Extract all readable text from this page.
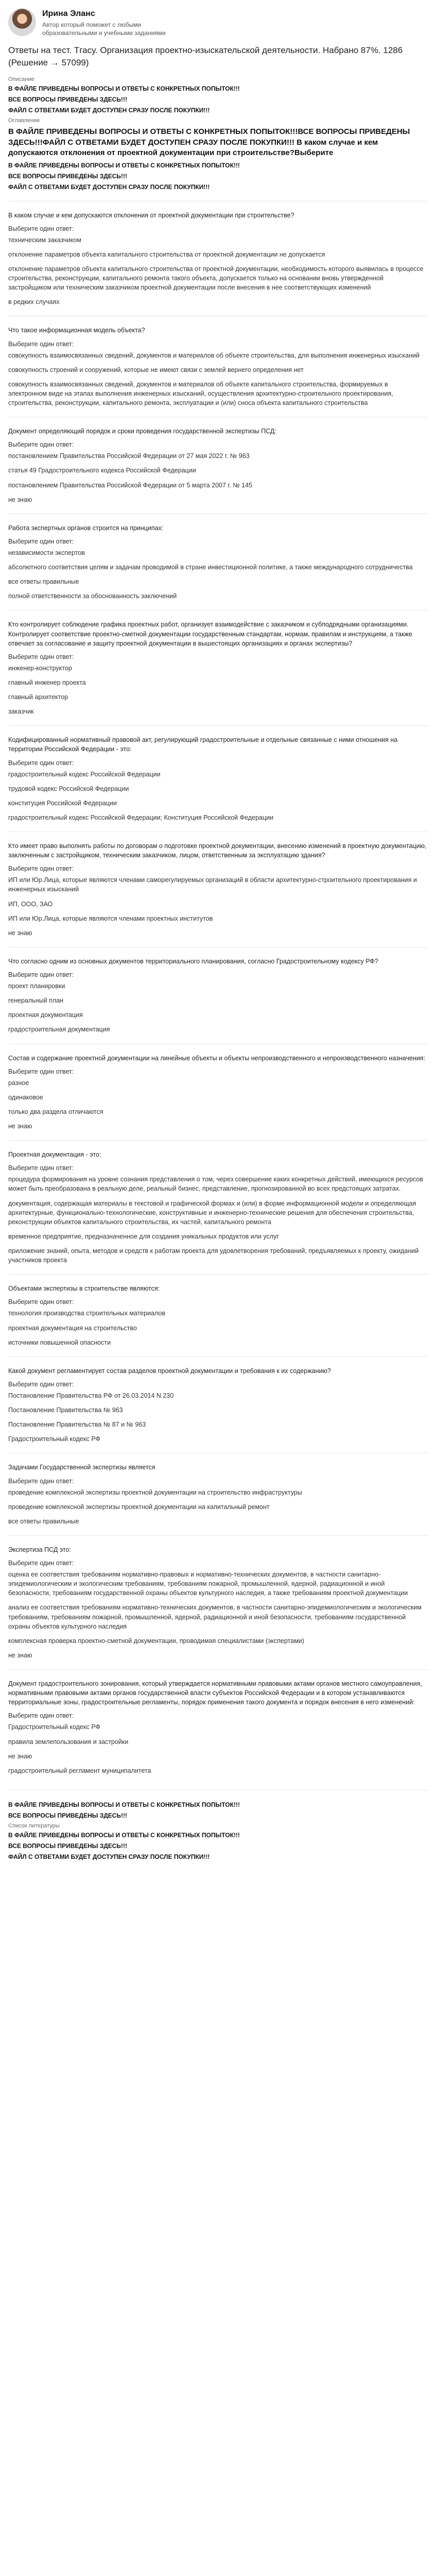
Ирина Эланс
Автор который поможет с любыми образовательными и учебными заданиями
Ответы на тест. Тгасу. Организация проектно-изыскательской деятельности. Набрано 87%. 1286 (Решение → 57099)
Описание
В ФАЙЛЕ ПРИВЕДЕНЫ ВОПРОСЫ И ОТВЕТЫ С КОНКРЕТНЫХ ПОПЫТОК!!!
ВСЕ ВОПРОСЫ ПРИВЕДЕНЫ ЗДЕСЬ!!!
ФАЙЛ С ОТВЕТАМИ БУДЕТ ДОСТУПЕН СРАЗУ ПОСЛЕ ПОКУПКИ!!!
Оглавление
В ФАЙЛЕ ПРИВЕДЕНЫ ВОПРОСЫ И ОТВЕТЫ С КОНКРЕТНЫХ ПОПЫТОК!!!ВСЕ ВОПРОСЫ ПРИВЕДЕНЫ ЗДЕСЬ!!!ФАЙЛ С ОТВЕТАМИ БУДЕТ ДОСТУПЕН СРАЗУ ПОСЛЕ ПОКУПКИ!!! В каком случае и кем допускаются отклонения от проектной документации при строительстве?Выберите
В ФАЙЛЕ ПРИВЕДЕНЫ ВОПРОСЫ И ОТВЕТЫ С КОНКРЕТНЫХ ПОПЫТОК!!!
ВСЕ ВОПРОСЫ ПРИВЕДЕНЫ ЗДЕСЬ!!!
ФАЙЛ С ОТВЕТАМИ БУДЕТ ДОСТУПЕН СРАЗУ ПОСЛЕ ПОКУПКИ!!!
В каком случае и кем допускаются отклонения от проектной документации при строительстве?
Выберите один ответ:
техническим заказчиком
отклонение параметров объекта капитального строительства от проектной документации не допускается
отклонение параметров объекта капитального строительства от проектной документации, необходимость которого выявилась в процессе строительства, реконструкции, капитального ремонта такого объекта, допускается только на основании вновь утвержденной застройщиком или техническим заказчиком проектной документации после внесения в нее соответствующих изменений
в редких случаях
Что такое информационная модель объекта?
Выберите один ответ:
совокупность взаимосвязанных сведений, документов и материалов об объекте строительства, для выполнения инженерных изысканий
совокупность строений и сооружений, которые не имеют связи с землей вернего определения нет
совокупность взаимосвязанных сведений, документов и материалов об объекте капитального строительства, формируемых в электронном виде на этапах выполнения инженерных изысканий, осуществления архитектурно-строительного проектирования, строительства, реконструкции, капитального ремонта, эксплуатации и (или) сноса объекта капитального строительства
Документ определяющий порядок и сроки проведения государственной экспертизы ПСД:
Выберите один ответ:
постановлением Правительства Российской Федерации от 27 мая 2022 г. № 963
статья 49 Градостроительного кодекса Российской Федерации
постановлением Правительства Российской Федерации от 5 марта 2007 г. № 145
не знаю
Работа экспертных органов строится на принципах:
Выберите один ответ:
независимости экспертов
абсолютного соответствия целям и задачам проводимой в стране инвестиционной политике, а также международного сотрудничества
все ответы правильные
полной ответственности за обоснованность заключений
Кто контролирует соблюдение графика проектных работ, организует взаимодействие с заказчиком и субподрядными организациями. Контролирует соответствие проектно-сметной документации государственным стандартам, нормам, правилам и инструкциям, а также отвечает за согласование и защиту проектной документации в вышестоящих организациях и органах экспертизы?
Выберите один ответ:
инженер-конструктор
главный инженер проекта
главный архитектор
заказчик
Кодифицированный нормативный правовой акт, регулирующий градостроительные и отдельные связанные с ними отношения на территории Российской Федерации - это:
Выберите один ответ:
градостроительный кодекс Российской Федерации
трудовой кодекс Российской Федерации
конституция Российской Федерации
градостроительный кодекс Российской Федерации; Конституция Российской Федерации
Кто имеет право выполнять работы по договорам о подготовке проектной документации, внесению изменений в проектную документацию, заключенным с застройщиком, техническим заказчиком, лицом, ответственным за эксплуатацию здания?
Выберите один ответ:
ИП или Юр.Лица, которые являются членами саморегулируемых организаций в области архитектурно-строительного проектирования и инженерных изысканий
ИП, ООО, ЗАО
ИП или Юр.Лица, которые являются членами проектных институтов
не знаю
Что согласно одним из основных документов территориального планирования, согласно Градостроительному кодексу РФ?
Выберите один ответ:
проект планировки
генеральный план
проектная документация
градостроительная документация
Состав и содержание проектной документации на линейные объекты и объекты непроизводственного и непроизводственного назначения:
Выберите один ответ:
разное
одинаковое
только два раздела отличаются
не знаю
Проектная документация - это:
Выберите один ответ:
процедура формирования на уровне сознания представления о том, через совершение каких конкретных действий, имеющихся ресурсов может быть преобразована в реальную деле, реальный бизнес, представление, прогнозированной во всех предстоящих затратах.
документация, содержащая материалы в текстовой и графической формах и (или) в форме информационной модели и определяющая архитектурные, функционально-технологические, конструктивные и инженерно-технические решения для обеспечения строительства, реконструкции объектов капитального строительства, их частей, капитального ремонта
временное предприятие, предназначенное для создания уникальных продуктов или услуг
приложение знаний, опыта, методов и средств к работам проекта для удовлетворения требований, предъявляемых к проекту, ожиданий участников проекта
Объектами экспертизы в строительстве являются:
Выберите один ответ:
технология производства строительных материалов
проектная документация на строительство
источники повышенной опасности
Какой документ регламентирует состав разделов проектной документации и требования к их содержанию?
Выберите один ответ:
Постановление Правительства РФ от 26.03.2014 N 230
Постановление Правительства № 963
Постановление Правительства № 87 и № 963
Градостроительный кодекс РФ
Задачами Государственной экспертизы является
Выберите один ответ:
проведение комплексной экспертизы проектной документации на строительство инфраструктуры
проведение комплексной экспертизы проектной документации на капитальный ремонт
все ответы правильные
Экспертиза ПСД это:
Выберите один ответ:
оценка ее соответствия требованиям нормативно-правовых и нормативно-технических документов, в частности санитарно-эпидемиологическим и экологическим требованиям, требованиям пожарной, промышленной, ядерной, радиационной и иной безопасности, требованиям государственной охраны объектов культурного наследия, а также требованиям проектной документации
анализ ее соответствия требованиям нормативно-технических документов, в частности санитарно-эпидемиологическим и экологическим требованиям, требованиям пожарной, промышленной, ядерной, радиационной и иной безопасности, требованиям государственной охраны объектов культурного наследия
комплексная проверка проектно-сметной документации, проводимая специалистами (экспертами)
не знаю
Документ градостроительного зонирования, который утверждается нормативными правовыми актами органов местного самоуправления, нормативными правовыми актами органов государственной власти субъектов Российской Федерации и в котором устанавливаются территориальные зоны, градостроительные регламенты, порядок применения такого документа и порядок внесения в него изменений:
Выберите один ответ:
Градостроительный кодекс РФ
правила землепользования и застройки
не знаю
градостроительный регламент муниципалитета
В ФАЙЛЕ ПРИВЕДЕНЫ ВОПРОСЫ И ОТВЕТЫ С КОНКРЕТНЫХ ПОПЫТОК!!!
ВСЕ ВОПРОСЫ ПРИВЕДЕНЫ ЗДЕСЬ!!!
Список литературы
В ФАЙЛЕ ПРИВЕДЕНЫ ВОПРОСЫ И ОТВЕТЫ С КОНКРЕТНЫХ ПОПЫТОК!!!
ВСЕ ВОПРОСЫ ПРИВЕДЕНЫ ЗДЕСЬ!!!
ФАЙЛ С ОТВЕТАМИ БУДЕТ ДОСТУПЕН СРАЗУ ПОСЛЕ ПОКУПКИ!!!
